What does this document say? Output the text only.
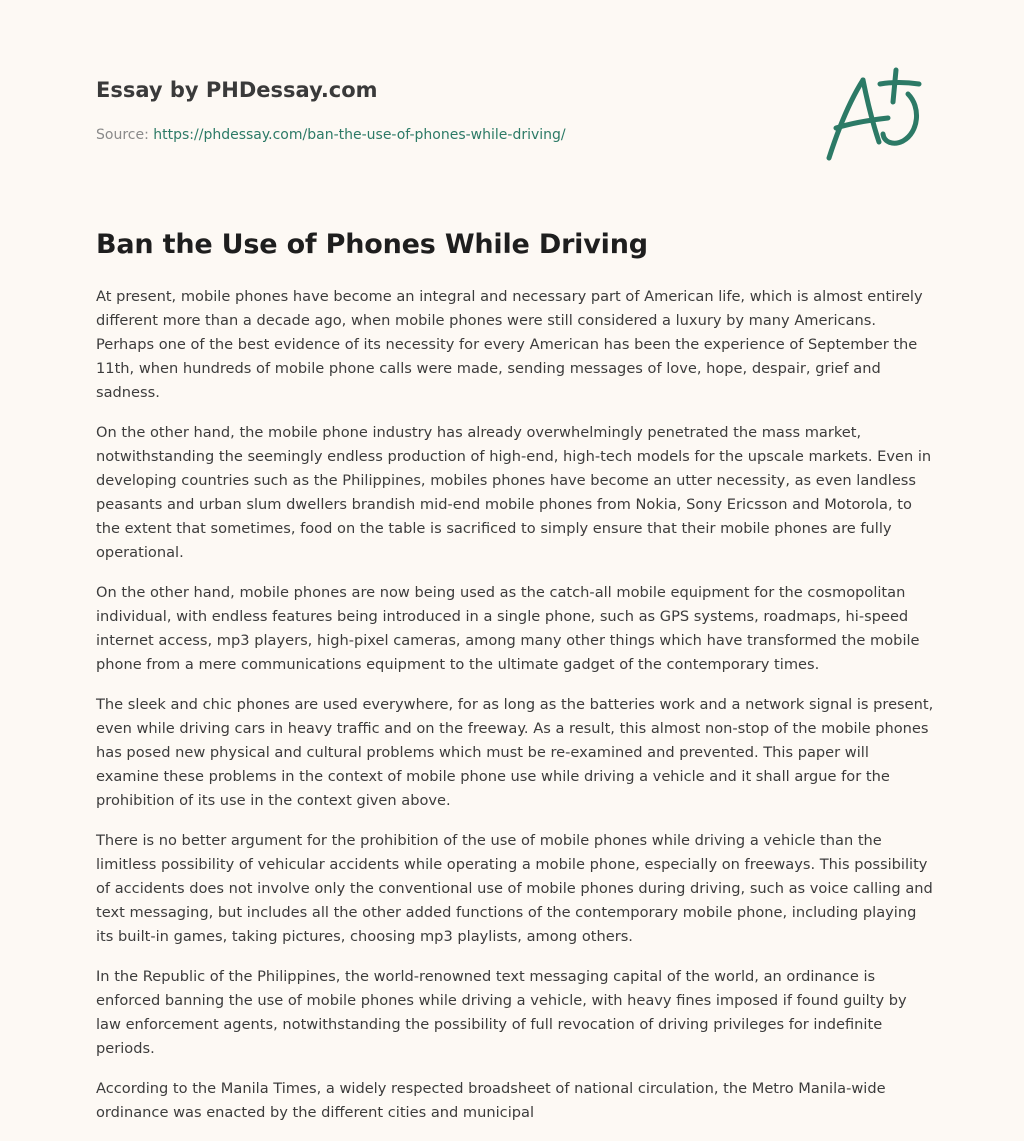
Essay by PHDessay.com
Source: https://phdessay.com/ban-the-use-of-phones-while-driving/
Ban the Use of Phones While Driving

At present, mobile phones have become an integral and necessary part of American life, which is almost entirely different more than a decade ago, when mobile phones were still considered a luxury by many Americans. Perhaps one of the best evidence of its necessity for every American has been the experience of September the 11th, when hundreds of mobile phone calls were made, sending messages of love, hope, despair, grief and sadness.

On the other hand, the mobile phone industry has already overwhelmingly penetrated the mass market, notwithstanding the seemingly endless production of high-end, high-tech models for the upscale markets. Even in developing countries such as the Philippines, mobiles phones have become an utter necessity, as even landless peasants and urban slum dwellers brandish mid-end mobile phones from Nokia, Sony Ericsson and Motorola, to the extent that sometimes, food on the table is sacrificed to simply ensure that their mobile phones are fully operational.

On the other hand, mobile phones are now being used as the catch-all mobile equipment for the cosmopolitan individual, with endless features being introduced in a single phone, such as GPS systems, roadmaps, hi-speed internet access, mp3 players, high-pixel cameras, among many other things which have transformed the mobile phone from a mere communications equipment to the ultimate gadget of the contemporary times.

The sleek and chic phones are used everywhere, for as long as the batteries work and a network signal is present, even while driving cars in heavy traffic and on the freeway. As a result, this almost non-stop of the mobile phones has posed new physical and cultural problems which must be re-examined and prevented. This paper will examine these problems in the context of mobile phone use while driving a vehicle and it shall argue for the prohibition of its use in the context given above.

There is no better argument for the prohibition of the use of mobile phones while driving a vehicle than the limitless possibility of vehicular accidents while operating a mobile phone, especially on freeways. This possibility of accidents does not involve only the conventional use of mobile phones during driving, such as voice calling and text messaging, but includes all the other added functions of the contemporary mobile phone, including playing its built-in games, taking pictures, choosing mp3 playlists, among others.

In the Republic of the Philippines, the world-renowned text messaging capital of the world, an ordinance is enforced banning the use of mobile phones while driving a vehicle, with heavy fines imposed if found guilty by law enforcement agents, notwithstanding the possibility of full revocation of driving privileges for indefinite periods.

According to the Manila Times, a widely respected broadsheet of national circulation, the Metro Manila-wide ordinance was enacted by the different cities and municipal
